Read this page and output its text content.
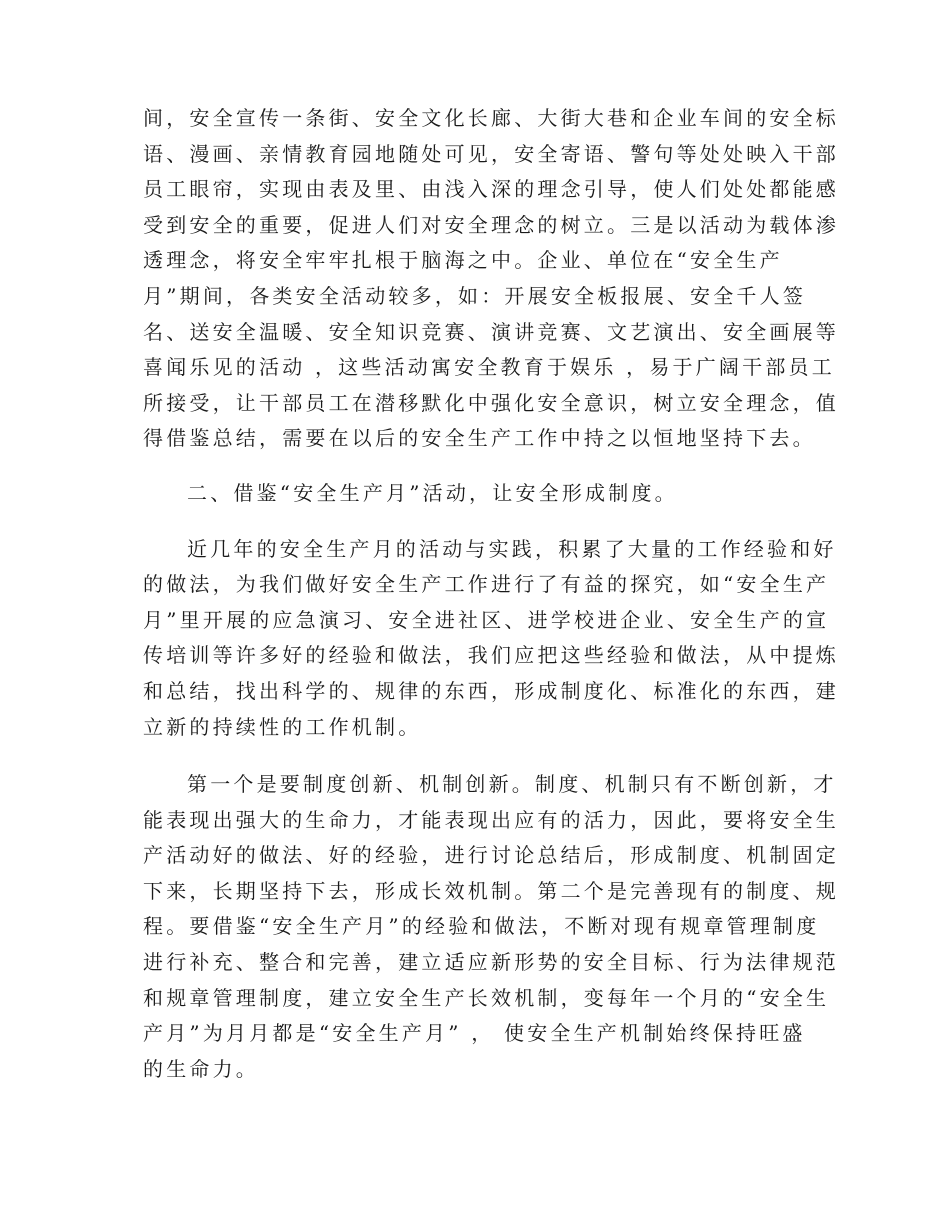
间，安全宣传一条街、安全文化长廊、大街大巷和企业车间的安全标
语、漫画、亲情教育园地随处可见，安全寄语、警句等处处映入干部
员工眼帘，实现由表及里、由浅入深的理念引导，使人们处处都能感
受到安全的重要，促进人们对安全理念的树立。三是以活动为载体渗
透理念，将安全牢牢扎根于脑海之中。企业、单位在“安全生产
月”期间，各类安全活动较多，如：开展安全板报展、安全千人签
名、送安全温暖、安全知识竞赛、演讲竞赛、文艺演出、安全画展等
喜闻乐见的活动 ，这些活动寓安全教育于娱乐 ，易于广阔干部员工
所接受，让干部员工在潜移默化中强化安全意识，树立安全理念，值
得借鉴总结，需要在以后的安全生产工作中持之以恒地坚持下去。
二、借鉴“安全生产月”活动，让安全形成制度。
近几年的安全生产月的活动与实践，积累了大量的工作经验和好
的做法，为我们做好安全生产工作进行了有益的探究，如“安全生产
月”里开展的应急演习、安全进社区、进学校进企业、安全生产的宣
传培训等许多好的经验和做法，我们应把这些经验和做法，从中提炼
和总结，找出科学的、规律的东西，形成制度化、标准化的东西，建
立新的持续性的工作机制。
第一个是要制度创新、机制创新。制度、机制只有不断创新，才
能表现出强大的生命力，才能表现出应有的活力，因此，要将安全生
产活动好的做法、好的经验，进行讨论总结后，形成制度、机制固定
下来，长期坚持下去，形成长效机制。第二个是完善现有的制度、规
程。要借鉴“安全生产月”的经验和做法，不断对现有规章管理制度
进行补充、整合和完善，建立适应新形势的安全目标、行为法律规范
和规章管理制度，建立安全生产长效机制，变每年一个月的“安全生
产月”为月月都是“安全生产月” ， 使安全生产机制始终保持旺盛
的生命力。
